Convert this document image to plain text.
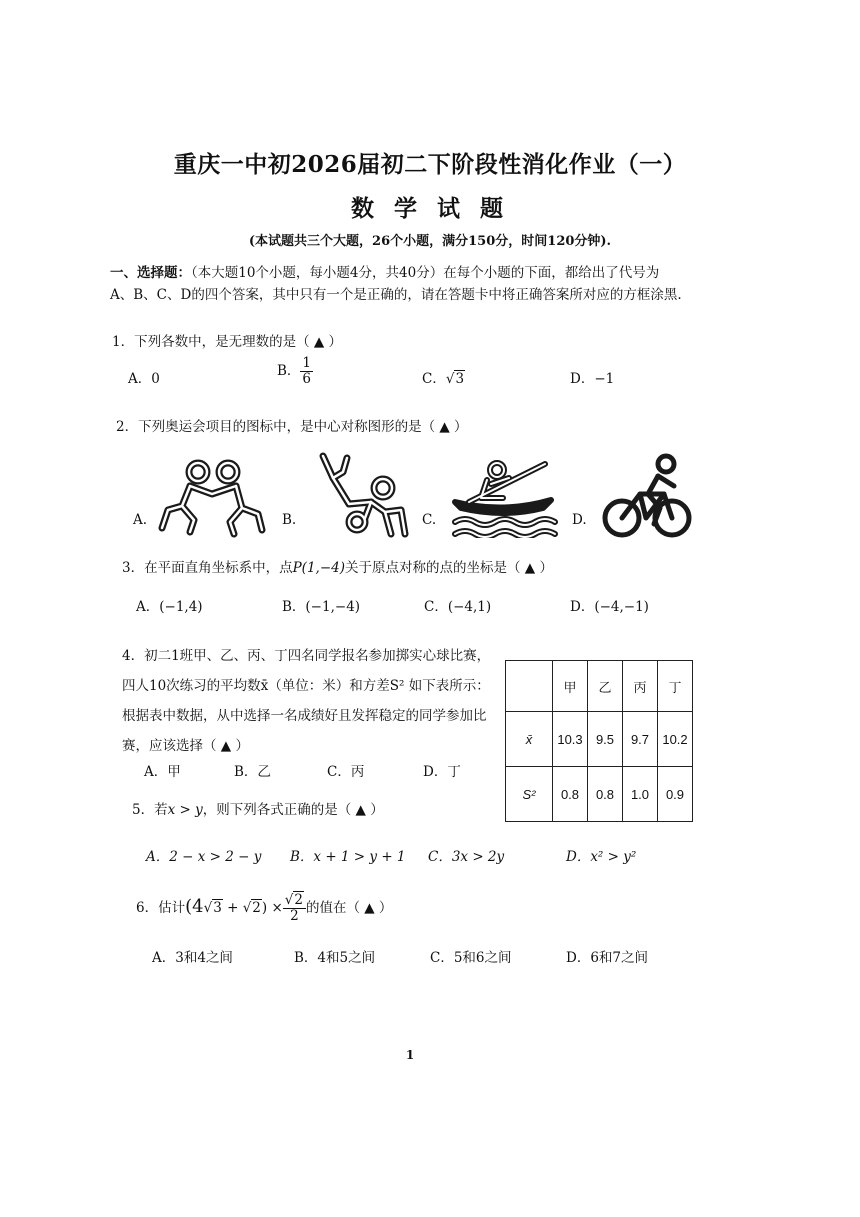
重庆一中初2026届初二下阶段性消化作业（一）
数 学 试 题
(本试题共三个大题，26个小题，满分150分，时间120分钟).
一、选择题：（本大题10个小题，每小题4分，共40分）在每个小题的下面，都给出了代号为
A、B、C、D的四个答案，其中只有一个是正确的，请在答题卡中将正确答案所对应的方框涂黑.
1．下列各数中，是无理数的是（ ▲ ）
A．0	B． $\frac{1}{6}$	C．√3	D．−1
2．下列奥运会项目的图标中，是中心对称图形的是（ ▲ ）
A.	B.	C.	D.
3．在平面直角坐标系中，点P(1,−4)关于原点对称的点的坐标是（ ▲ ）
A．(−1,4)	B．(−1,−4)	C．(−4,1)	D．(−4,−1)
4．初二1班甲、乙、丙、丁四名同学报名参加掷实心球比赛，
四人10次练习的平均数x̄（单位：米）和方差S² 如下表所示：
根据表中数据，从中选择一名成绩好且发挥稳定的同学参加比
赛，应该选择（ ▲ ）
A．甲	B．乙	C．丙	D．丁
	甲	乙	丙	丁
x̄	10.3	9.5	9.7	10.2
S²	0.8	0.8	1.0	0.9
5．若x > y，则下列各式正确的是（ ▲ ）
A．2 − x > 2 − y B．x + 1 > y + 1 C．3x > 2y	D．x² > y²
6．估计$(4√3 + √2) \times \frac{√2}{2}$ 的值在（ ▲ ）
A．3和4之间	B．4和5之间	C．5和6之间	D．6和7之间
1
